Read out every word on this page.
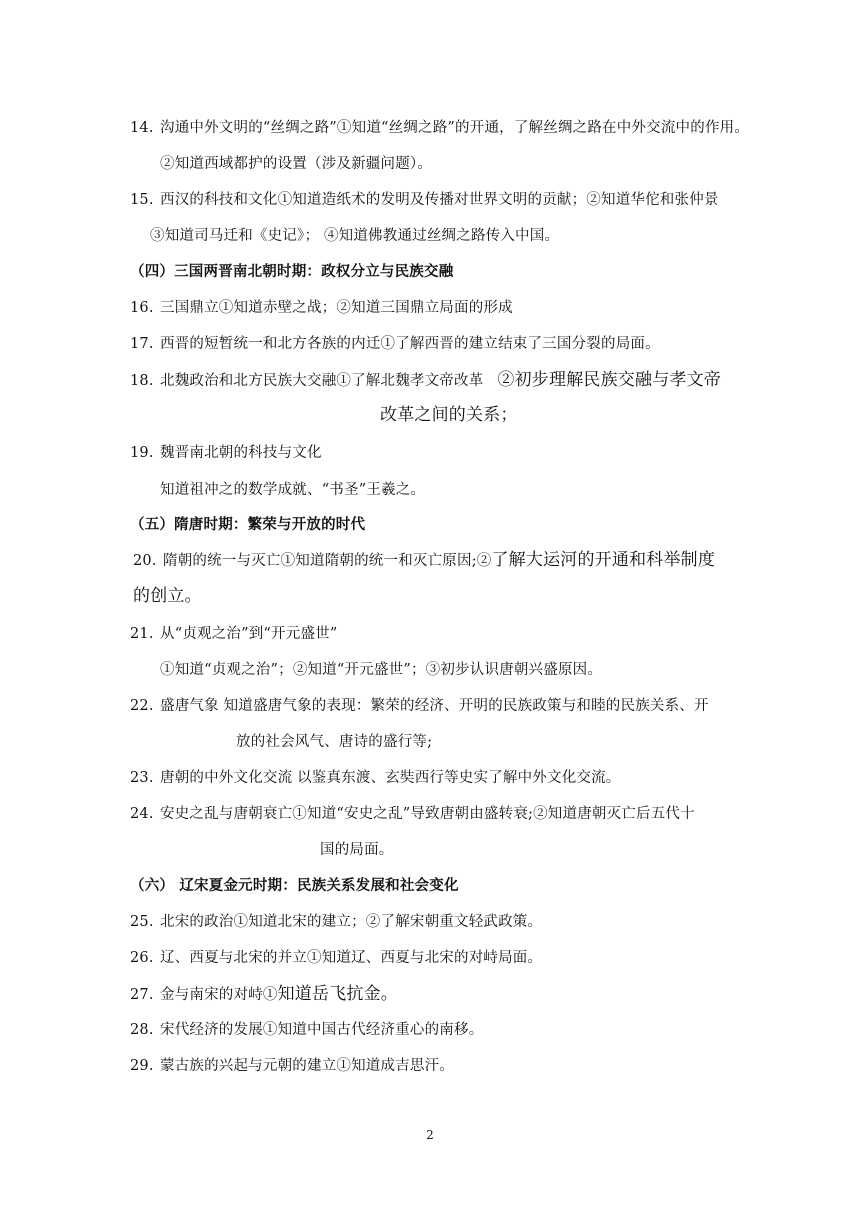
14. 沟通中外文明的“丝绸之路”①知道“丝绸之路”的开通，了解丝绸之路在中外交流中的作用。
②知道西域都护的设置（涉及新疆问题）。
15. 西汉的科技和文化①知道造纸术的发明及传播对世界文明的贡献；②知道华佗和张仲景
③知道司马迁和《史记》； ④知道佛教通过丝绸之路传入中国。
（四）三国两晋南北朝时期：政权分立与民族交融
16. 三国鼎立①知道赤壁之战；②知道三国鼎立局面的形成
17. 西晋的短暂统一和北方各族的内迁①了解西晋的建立结束了三国分裂的局面。
18. 北魏政治和北方民族大交融①了解北魏孝文帝改革 ②初步理解民族交融与孝文帝
改革之间的关系；
19. 魏晋南北朝的科技与文化
知道祖冲之的数学成就、“书圣”王羲之。
（五）隋唐时期：繁荣与开放的时代
20. 隋朝的统一与灭亡①知道隋朝的统一和灭亡原因;②了解大运河的开通和科举制度
的创立。
21. 从“贞观之治”到“开元盛世”
①知道“贞观之治”；②知道“开元盛世”；③初步认识唐朝兴盛原因。
22. 盛唐气象 知道盛唐气象的表现：繁荣的经济、开明的民族政策与和睦的民族关系、开
放的社会风气、唐诗的盛行等;
23. 唐朝的中外文化交流 以鉴真东渡、玄奘西行等史实了解中外文化交流。
24. 安史之乱与唐朝衰亡①知道“安史之乱”导致唐朝由盛转衰;②知道唐朝灭亡后五代十
国的局面。
（六） 辽宋夏金元时期：民族关系发展和社会变化
25. 北宋的政治①知道北宋的建立；②了解宋朝重文轻武政策。
26. 辽、西夏与北宋的并立①知道辽、西夏与北宋的对峙局面。
27. 金与南宋的对峙①知道岳飞抗金。
28. 宋代经济的发展①知道中国古代经济重心的南移。
29. 蒙古族的兴起与元朝的建立①知道成吉思汗。
2
